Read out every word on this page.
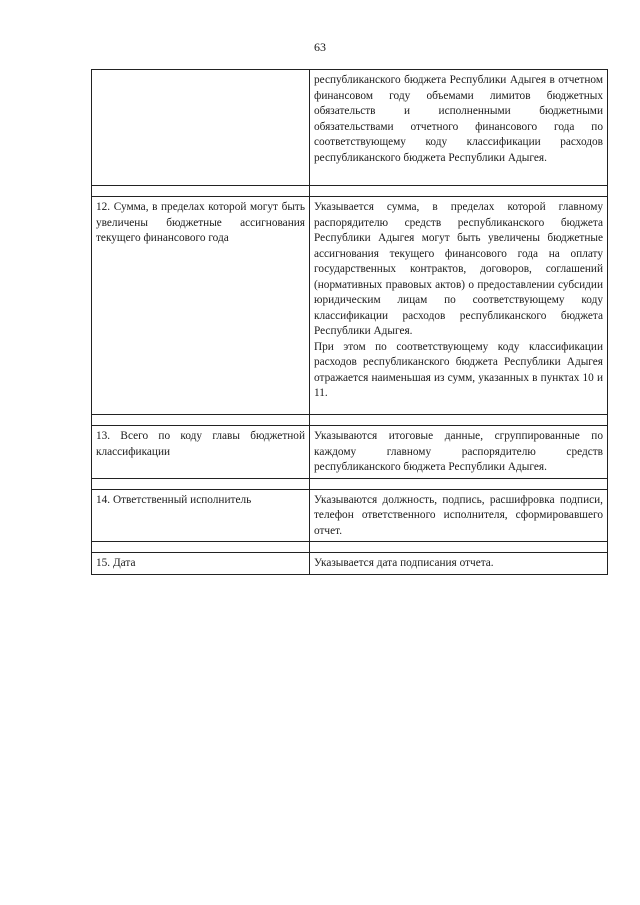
63

	республиканского бюджета Республики Адыгея в отчетном финансовом году объемами лимитов бюджетных обязательств и исполненными бюджетными обязательствами отчетного финансового года по соответствующему коду классификации расходов республиканского бюджета Республики Адыгея.

12. Сумма, в пределах которой могут быть увеличены бюджетные ассигнования текущего финансового года	Указывается сумма, в пределах которой главному распорядителю средств республиканского бюджета Республики Адыгея могут быть увеличены бюджетные ассигнования текущего финансового года на оплату государственных контрактов, договоров, соглашений (нормативных правовых актов) о предоставлении субсидии юридическим лицам по соответствующему коду классификации расходов республиканского бюджета Республики Адыгея.

При этом по соответствующему коду классификации расходов республиканского бюджета Республики Адыгея отражается наименьшая из сумм, указанных в пунктах 10 и 11.

13. Всего по коду главы бюджетной классификации	Указываются итоговые данные, сгруппированные по каждому главному распорядителю средств республиканского бюджета Республики Адыгея.

14. Ответственный исполнитель	Указываются должность, подпись, расшифровка подписи, телефон ответственного исполнителя, сформировавшего отчет.

15. Дата	Указывается дата подписания отчета.
